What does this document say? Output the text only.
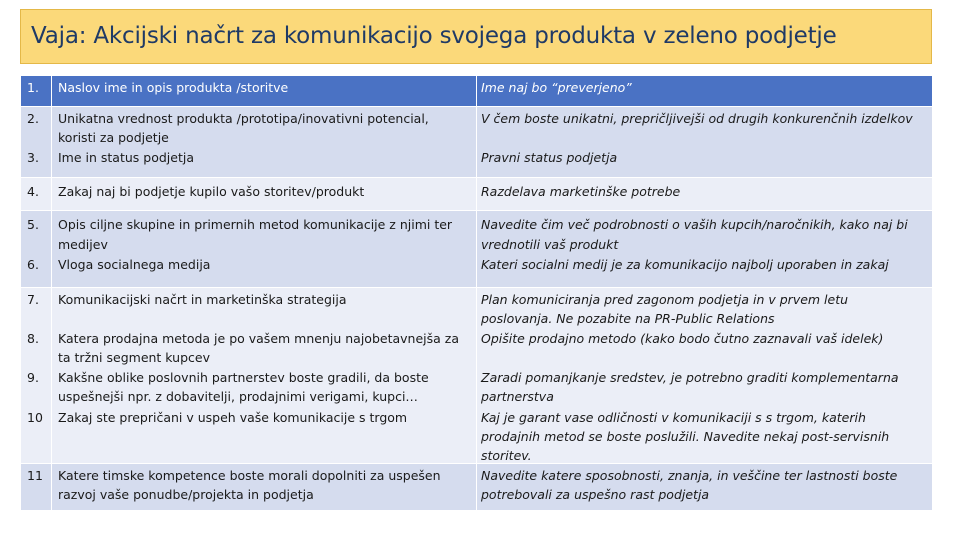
Vaja: Akcijski načrt za komunikacijo svojega produkta v zeleno podjetje
1. Naslov ime in opis produkta /storitve	Ime naj bo “preverjeno”
2.
3.
Unikatna vrednost produkta /prototipa/inovativni potencial,
koristi za podjetje
Ime in status podjetja
V čem boste unikatni, prepričljivejši od drugih konkurenčnih izdelkov
Pravni status podjetja
4. Zakaj naj bi podjetje kupilo vašo storitev/produkt	Razdelava marketinške potrebe
5.
6.
Opis ciljne skupine in primernih metod komunikacije z njimi ter
medijev
Vloga socialnega medija
Navedite čim več podrobnosti o vaših kupcih/naročnikih, kako naj bi
vrednotili vaš produkt
Kateri socialni medij je za komunikacijo najbolj uporaben in zakaj
7.
8.
9.
10
Komunikacijski načrt in marketinška strategija
Katera prodajna metoda je po vašem mnenju najobetavnejša za
ta tržni segment kupcev
Kakšne oblike poslovnih partnerstev boste gradili, da boste
uspešnejši npr. z dobavitelji, prodajnimi verigami, kupci…
Zakaj ste prepričani v uspeh vaše komunikacije s trgom
Plan komuniciranja pred zagonom podjetja in v prvem letu
poslovanja. Ne pozabite na PR-Public Relations
Opišite prodajno metodo (kako bodo čutno zaznavali vaš idelek)
Zaradi pomanjkanje sredstev, je potrebno graditi komplementarna
partnerstva
Kaj je garant vase odličnosti v komunikaciji s s trgom, katerih
prodajnih metod se boste poslužili. Navedite nekaj post-servisnih
storitev.
11 Katere timske kompetence boste morali dopolniti za uspešen
razvoj vaše ponudbe/projekta in podjetja
Navedite katere sposobnosti, znanja, in veščine ter lastnosti boste
potrebovali za uspešno rast podjetja
